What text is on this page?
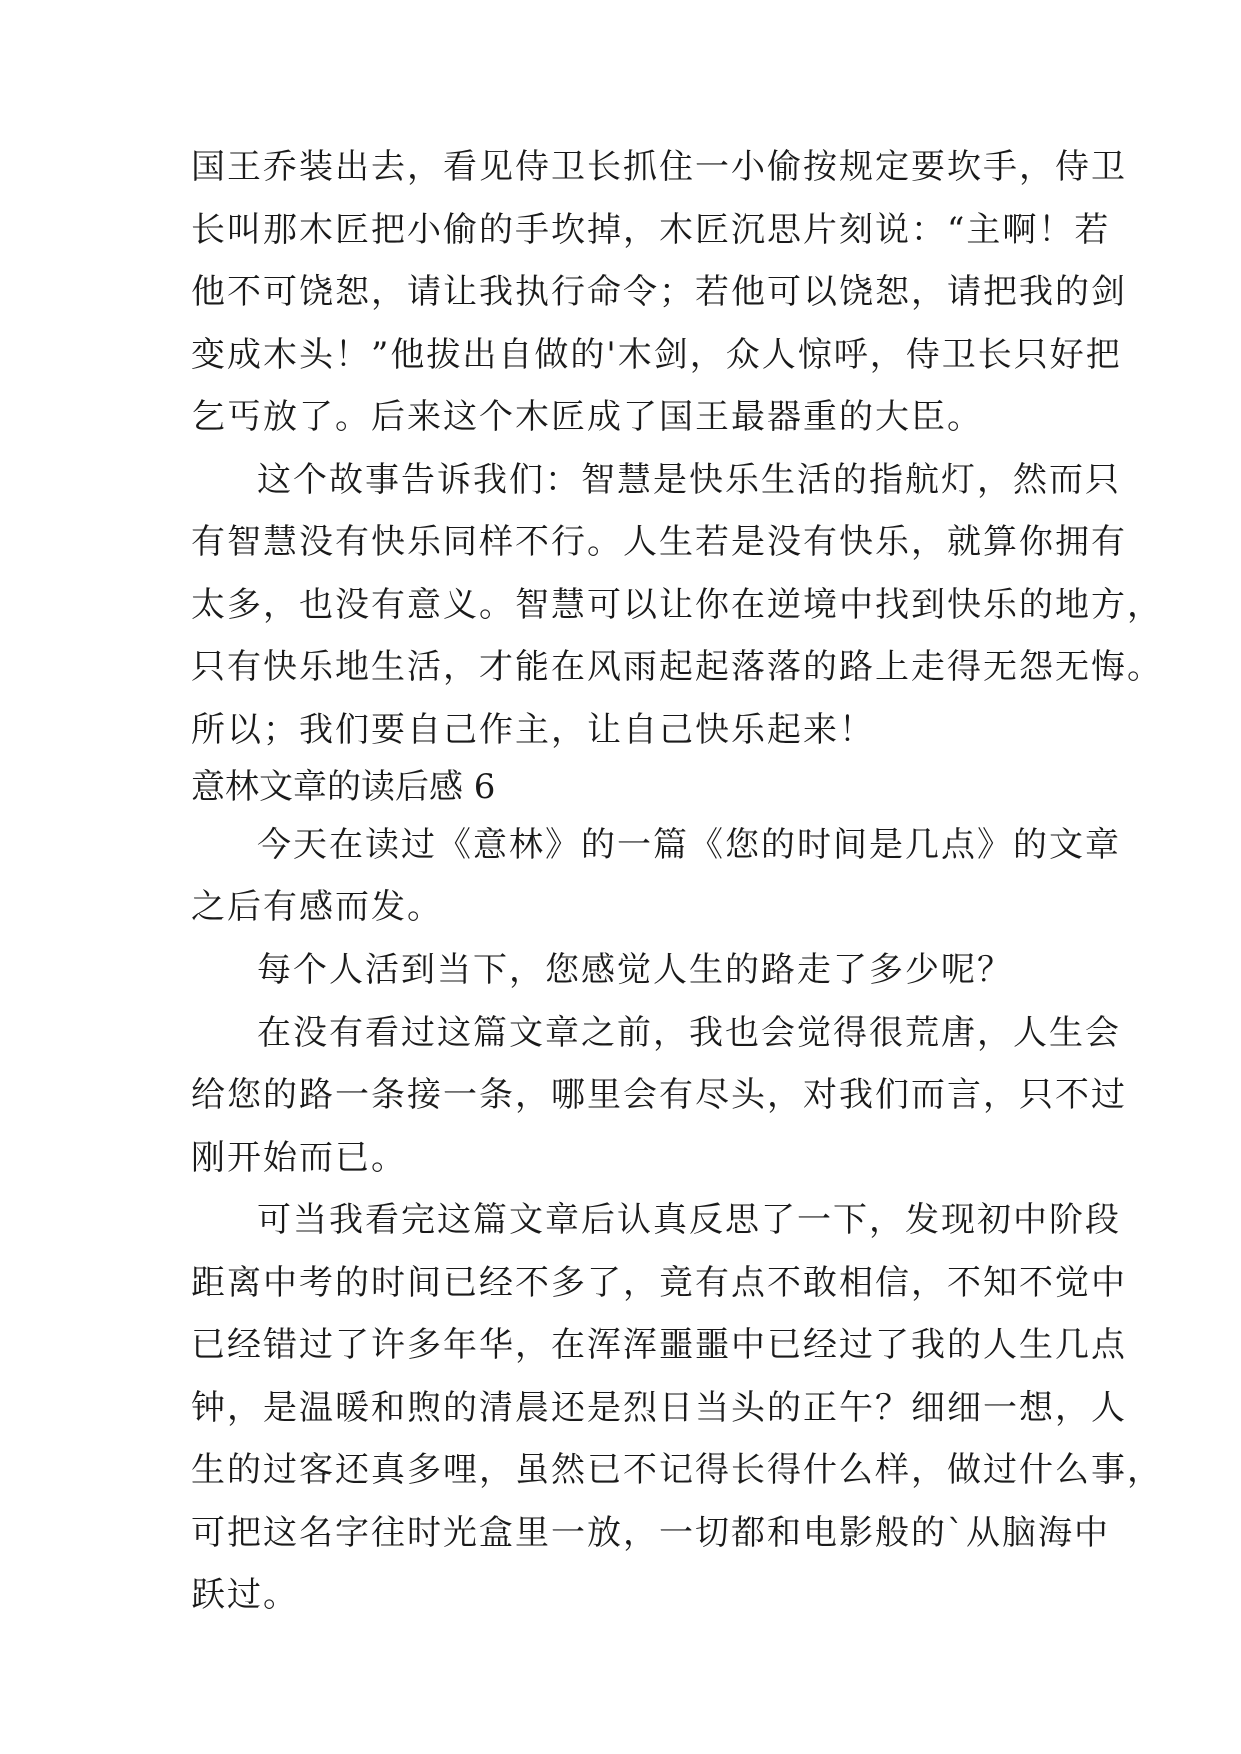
国王乔装出去，看见侍卫长抓住一小偷按规定要坎手，侍卫
长叫那木匠把小偷的手坎掉，木匠沉思片刻说：“主啊！若
他不可饶恕，请让我执行命令；若他可以饶恕，请把我的剑
变成木头！”他拔出自做的'木剑，众人惊呼，侍卫长只好把
乞丐放了。后来这个木匠成了国王最器重的大臣。
这个故事告诉我们：智慧是快乐生活的指航灯，然而只
有智慧没有快乐同样不行。人生若是没有快乐，就算你拥有
太多，也没有意义。智慧可以让你在逆境中找到快乐的地方，
只有快乐地生活，才能在风雨起起落落的路上走得无怨无悔。
所以；我们要自己作主，让自己快乐起来！
意林文章的读后感 6
今天在读过《意林》的一篇《您的时间是几点》的文章
之后有感而发。
每个人活到当下，您感觉人生的路走了多少呢？
在没有看过这篇文章之前，我也会觉得很荒唐，人生会
给您的路一条接一条，哪里会有尽头，对我们而言，只不过
刚开始而已。
可当我看完这篇文章后认真反思了一下，发现初中阶段
距离中考的时间已经不多了，竟有点不敢相信，不知不觉中
已经错过了许多年华，在浑浑噩噩中已经过了我的人生几点
钟，是温暖和煦的清晨还是烈日当头的正午？细细一想，人
生的过客还真多哩，虽然已不记得长得什么样，做过什么事，
可把这名字往时光盒里一放，一切都和电影般的`从脑海中
跃过。
